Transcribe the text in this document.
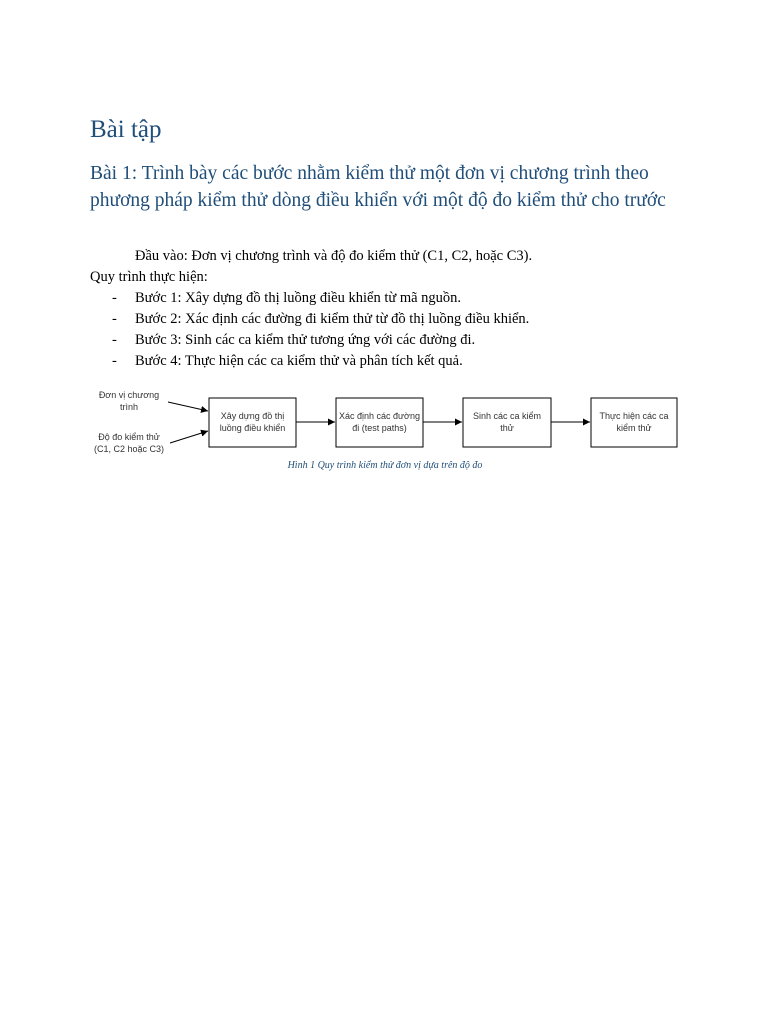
Bài tập
Bài 1: Trình bày các bước nhằm kiểm thử một đơn vị chương trình theo phương pháp kiểm thử dòng điều khiển với một độ đo kiểm thử cho trước
Đầu vào: Đơn vị chương trình và độ đo kiểm thử (C1, C2, hoặc C3).
Quy trình thực hiện:
- Bước 1: Xây dựng đồ thị luồng điều khiển từ mã nguồn.
- Bước 2: Xác định các đường đi kiểm thử từ đồ thị luồng điều khiển.
- Bước 3: Sinh các ca kiểm thử tương ứng với các đường đi.
- Bước 4: Thực hiện các ca kiểm thử và phân tích kết quả.
Hình 1 Quy trình kiểm thử đơn vị dựa trên độ đo
Đơn vị chương
trình
Độ đo kiểm thử
(C1, C2 hoặc C3)
Xây dựng đồ thị
luồng điều khiển
Xác định các đường
đi (test paths)
Sinh các ca kiểm
thử
Thực hiện các ca
kiểm thử
